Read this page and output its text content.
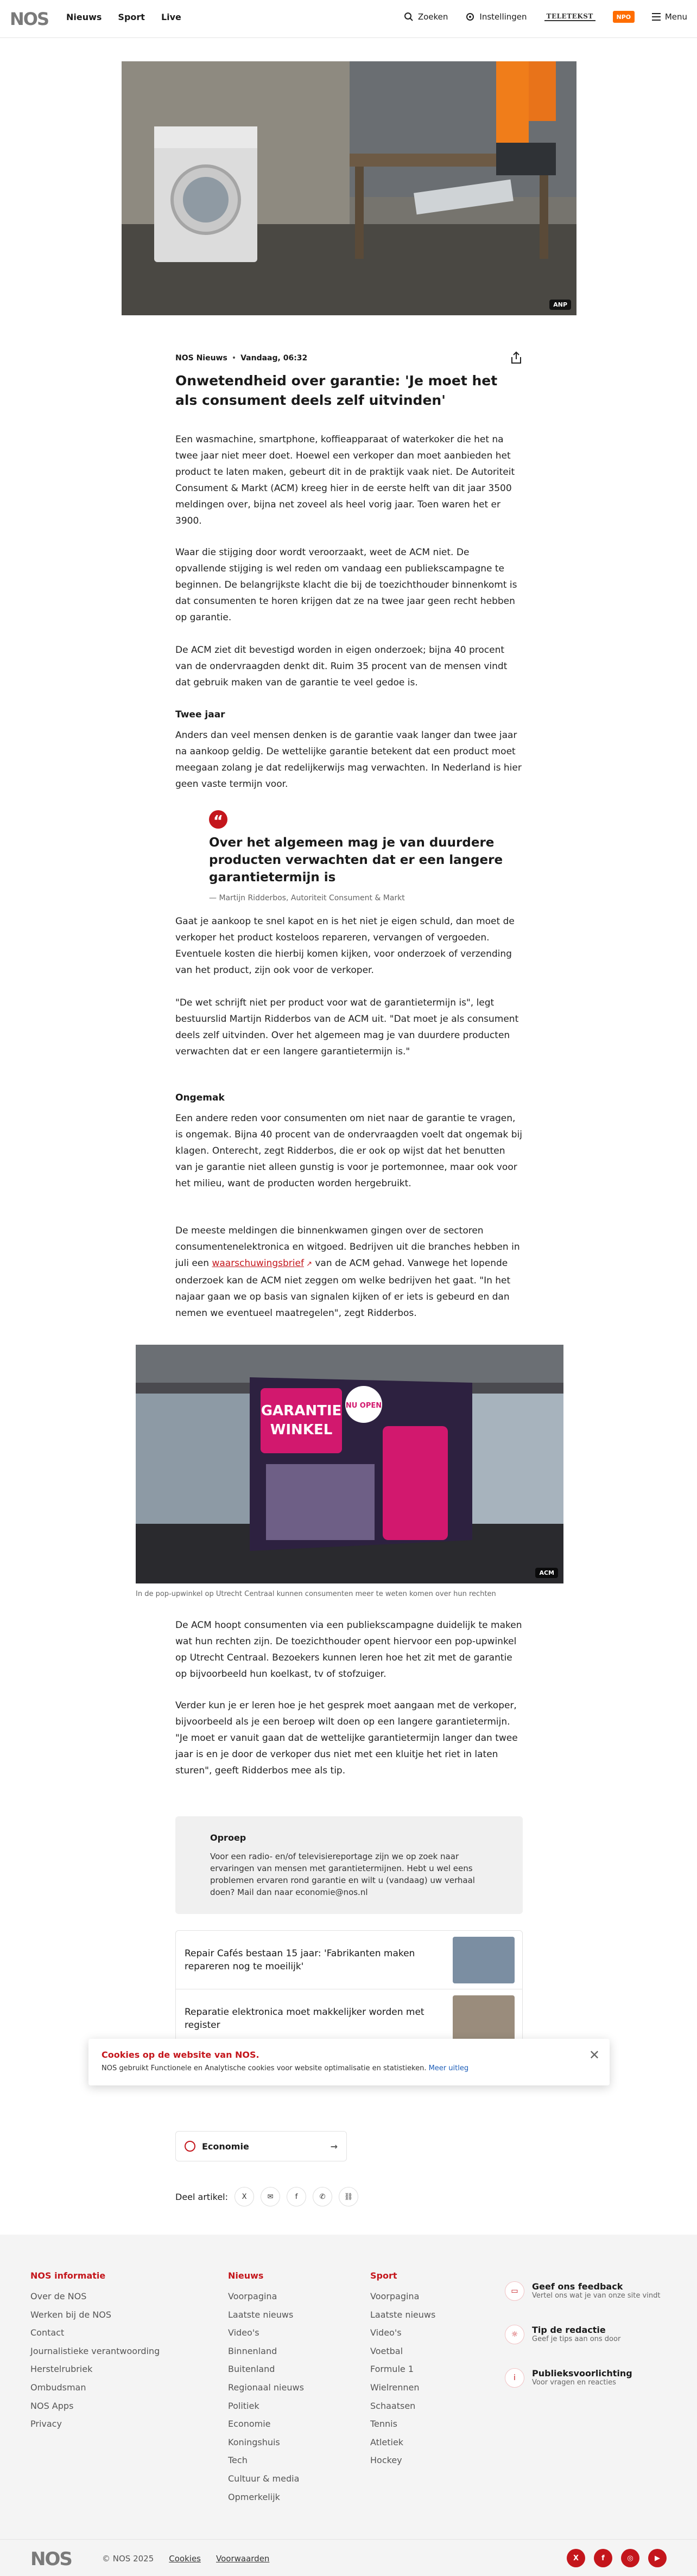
NOS Nieuws Sport Live	Zoeken	Instellingen	TELETEKST	NPO	Menu
ANP
NOS Nieuws • Vandaag, 06:32
Onwetendheid over garantie: 'Je moet het als consument deels zelf uitvinden'

Een wasmachine, smartphone, koffieapparaat of waterkoker die het na twee jaar niet meer doet. Hoewel een verkoper dan moet aanbieden het product te laten maken, gebeurt dit in de praktijk vaak niet. De Autoriteit Consument & Markt (ACM) kreeg hier in de eerste helft van dit jaar 3500 meldingen over, bijna net zoveel als heel vorig jaar. Toen waren het er 3900.

Waar die stijging door wordt veroorzaakt, weet de ACM niet. De opvallende stijging is wel reden om vandaag een publiekscampagne te beginnen. De belangrijkste klacht die bij de toezichthouder binnenkomt is dat consumenten te horen krijgen dat ze na twee jaar geen recht hebben op garantie.

De ACM ziet dit bevestigd worden in eigen onderzoek; bijna 40 procent van de ondervraagden denkt dit. Ruim 35 procent van de mensen vindt dat gebruik maken van de garantie te veel gedoe is.

Twee jaar

Anders dan veel mensen denken is de garantie vaak langer dan twee jaar na aankoop geldig. De wettelijke garantie betekent dat een product moet meegaan zolang je dat redelijkerwijs mag verwachten. In Nederland is hier geen vaste termijn voor.

“
Over het algemeen mag je van duurdere producten verwachten dat er een langere garantietermijn is
— Martijn Ridderbos, Autoriteit Consument & Markt

Gaat je aankoop te snel kapot en is het niet je eigen schuld, dan moet de verkoper het product kosteloos repareren, vervangen of vergoeden. Eventuele kosten die hierbij komen kijken, voor onderzoek of verzending van het product, zijn ook voor de verkoper.

"De wet schrijft niet per product voor wat de garantietermijn is", legt bestuurslid Martijn Ridderbos van de ACM uit. "Dat moet je als consument deels zelf uitvinden. Over het algemeen mag je van duurdere producten verwachten dat er een langere garantietermijn is."

Ongemak

Een andere reden voor consumenten om niet naar de garantie te vragen, is ongemak. Bijna 40 procent van de ondervraagden voelt dat ongemak bij klagen. Onterecht, zegt Ridderbos, die er ook op wijst dat het benutten van je garantie niet alleen gunstig is voor je portemonnee, maar ook voor het milieu, want de producten worden hergebruikt.

De meeste meldingen die binnenkwamen gingen over de sectoren consumentenelektronica en witgoed. Bedrijven uit die branches hebben in juli een waarschuwingsbrief ↗ van de ACM gehad. Vanwege het lopende onderzoek kan de ACM niet zeggen om welke bedrijven het gaat. "In het najaar gaan we op basis van signalen kijken of er iets is gebeurd en dan nemen we eventueel maatregelen", zegt Ridderbos.

GARANTIE
WINKEL
NU OPEN
ACM
In de pop-upwinkel op Utrecht Centraal kunnen consumenten meer te weten komen over hun rechten

De ACM hoopt consumenten via een publiekscampagne duidelijk te maken wat hun rechten zijn. De toezichthouder opent hiervoor een pop-upwinkel op Utrecht Centraal. Bezoekers kunnen leren hoe het zit met de garantie op bijvoorbeeld hun koelkast, tv of stofzuiger.

Verder kun je er leren hoe je het gesprek moet aangaan met de verkoper, bijvoorbeeld als je een beroep wilt doen op een langere garantietermijn. "Je moet er vanuit gaan dat de wettelijke garantietermijn langer dan twee jaar is en je door de verkoper dus niet met een kluitje het riet in laten sturen", geeft Ridderbos mee als tip.

Oproep

Voor een radio- en/of televisiereportage zijn we op zoek naar ervaringen van mensen met garantietermijnen. Hebt u wel eens problemen ervaren rond garantie en wilt u (vandaag) uw verhaal doen? Mail dan naar economie@nos.nl

Repair Cafés bestaan 15 jaar: 'Fabrikanten maken repareren nog te moeilijk'
Reparatie elektronica moet makkelijker worden met register
Cookies op de website van NOS.

NOS gebruikt Functionele en Analytische cookies voor website optimalisatie en statistieken. Meer uitleg

✕
Economie	→
Deel artikel:	X	✉	f	✆	⛓
NOS informatie
Over de NOS
Werken bij de NOS
Contact
Journalistieke verantwoording
Herstelrubriek
Ombudsman
NOS Apps
Privacy
Nieuws
Voorpagina
Laatste nieuws
Video's
Binnenland
Buitenland
Regionaal nieuws
Politiek
Economie
Koningshuis
Tech
Cultuur & media
Opmerkelijk
Sport
Voorpagina
Laatste nieuws
Video's
Voetbal
Formule 1
Wielrennen
Schaatsen
Tennis
Atletiek
Hockey
▭	Geef ons feedback
Vertel ons wat je van onze site vindt
☼	Tip de redactie
Geef je tips aan ons door
i	Publieksvoorlichting
Voor vragen en reacties
NOS	© NOS 2025 Cookies Voorwaarden	X	f	◎	▶
